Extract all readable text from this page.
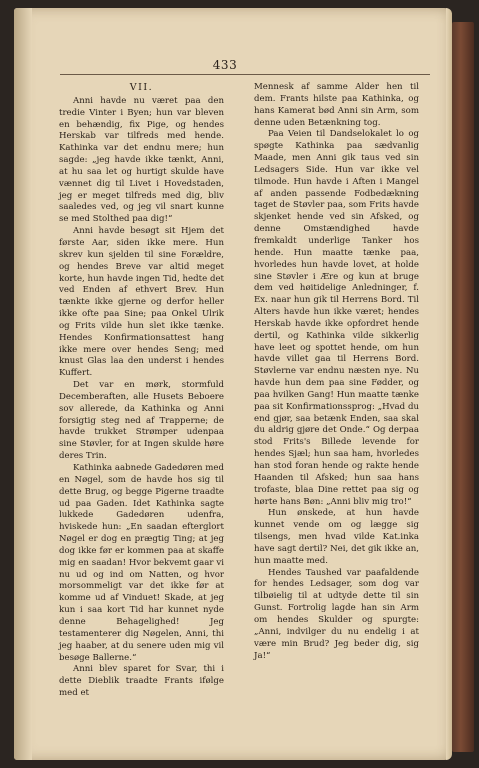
433
VII.

Anni havde nu været paa den tredie Vinter i Byen; hun var bleven en behændig, fix Pige, og hendes Herskab var tilfreds med hende. Kathinka var det endnu mere; hun sagde: „jeg havde ikke tænkt, Anni, at hu saa let og hurtigt skulde have vænnet dig til Livet i Hovedstaden, jeg er meget tilfreds med dig, bliv saaledes ved, og jeg vil snart kunne se med Stolthed paa dig!“

Anni havde besøgt sit Hjem det første Aar, siden ikke mere. Hun skrev kun sjelden til sine Forældre, og hendes Breve var altid meget korte, hun havde ingen Tid, hedte det ved Enden af ethvert Brev. Hun tænkte ikke gjerne og derfor heller ikke ofte paa Sine; paa Onkel Ulrik og Frits vilde hun slet ikke tænke. Hendes Konfirmationsattest hang ikke mere over hendes Seng; med knust Glas laa den underst i hendes Kuffert.

Det var en mørk, stormfuld Decemberaften, alle Husets Beboere sov allerede, da Kathinka og Anni forsigtig steg ned af Trapperne; de havde trukket Strømper udenpaa sine Støvler, for at Ingen skulde høre deres Trin.

Kathinka aabnede Gadedøren med en Nøgel, som de havde hos sig til dette Brug, og begge Pigerne traadte ud paa Gaden. Idet Kathinka sagte lukkede Gadedøren udenfra, hviskede hun: „En saadan efterglort Nøgel er dog en prægtig Ting; at jeg dog ikke før er kommen paa at skaffe mig en saadan! Hvor bekvemt gaar vi nu ud og ind om Natten, og hvor morsommeligt var det ikke før at komme ud af Vinduet! Skade, at jeg kun i saa kort Tid har kunnet nyde denne Behagelighed! Jeg testamenterer dig Nøgelen, Anni, thi jeg haaber, at du senere uden mig vil besøge Ballerne.“

Anni blev sparet for Svar, thi i dette Dieblik traadte Frants ifølge med et

Mennesk af samme Alder hen til dem. Frants hilste paa Kathinka, og hans Kamerat bød Anni sin Arm, som denne uden Betænkning tog.

Paa Veien til Dandselokalet lo og spøgte Kathinka paa sædvanlig Maade, men Anni gik taus ved sin Ledsagers Side. Hun var ikke vel tilmode. Hun havde i Aften i Mangel af anden passende Fodbedækning taget de Støvler paa, som Frits havde skjenket hende ved sin Afsked, og denne Omstændighed havde fremkaldt underlige Tanker hos hende. Hun maatte tænke paa, hvorledes hun havde lovet, at holde sine Støvler i Ære og kun at bruge dem ved høitidelige Anledninger, f. Ex. naar hun gik til Herrens Bord. Til Alters havde hun ikke været; hendes Herskab havde ikke opfordret hende dertil, og Kathinka vilde sikkerlig have leet og spottet hende, om hun havde villet gaa til Herrens Bord. Støvlerne var endnu næsten nye. Nu havde hun dem paa sine Fødder, og paa hvilken Gang! Hun maatte tænke paa sit Konfirmationssprog: „Hvad du end gjør, saa betænk Enden, saa skal du aldrig gjøre det Onde.“ Og derpaa stod Frits's Billede levende for hendes Sjæl; hun saa ham, hvorledes han stod foran hende og rakte hende Haanden til Afsked; hun saa hans trofaste, blaa Dine rettet paa sig og hørte hans Bøn: „Anni bliv mig tro!“

Hun ønskede, at hun havde kunnet vende om og lægge sig tilsengs, men hvad vilde Kat.inka have sagt dertil? Nei, det gik ikke an, hun maatte med.

Hendes Taushed var paafaldende for hendes Ledsager, som dog var tilbøielig til at udtyde dette til sin Gunst. Fortrolig lagde han sin Arm om hendes Skulder og spurgte: „Anni, indvilger du nu endelig i at være min Brud? Jeg beder dig, sig Ja!“
